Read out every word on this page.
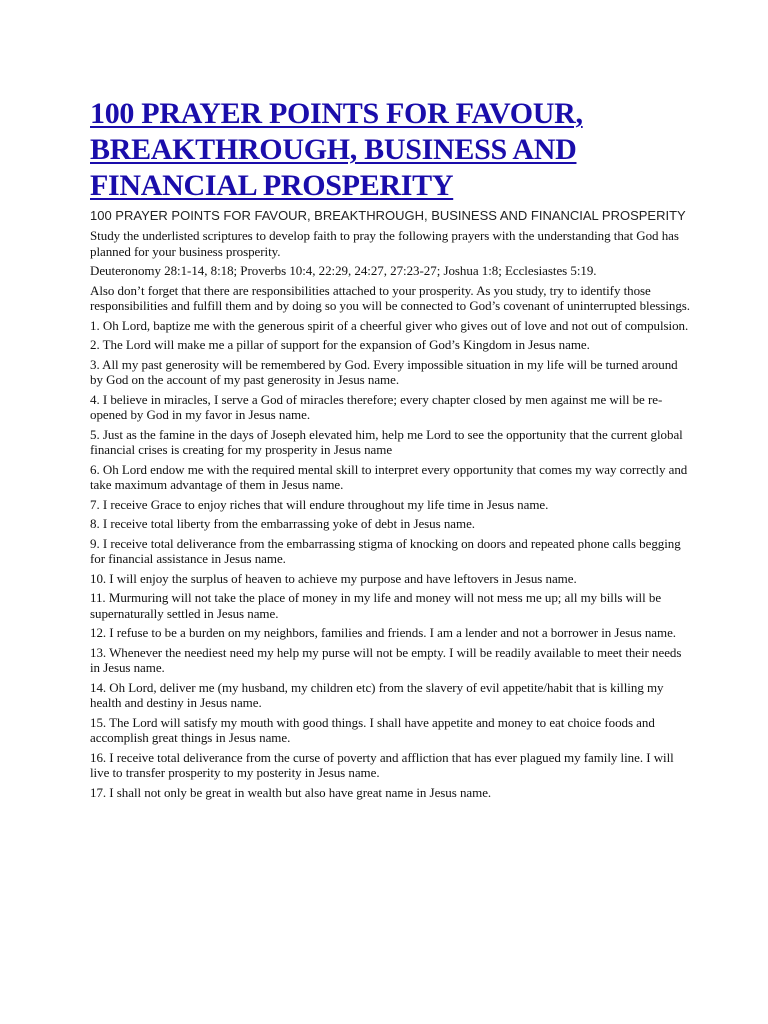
100 PRAYER POINTS FOR FAVOUR, BREAKTHROUGH, BUSINESS AND FINANCIAL PROSPERITY

100 PRAYER POINTS FOR FAVOUR, BREAKTHROUGH, BUSINESS AND FINANCIAL PROSPERITY

Study the underlisted scriptures to develop faith to pray the following prayers with the understanding that God has planned for your business prosperity.

Deuteronomy 28:1-14, 8:18; Proverbs 10:4, 22:29, 24:27, 27:23-27; Joshua 1:8; Ecclesiastes 5:19.

Also don’t forget that there are responsibilities attached to your prosperity. As you study, try to identify those responsibilities and fulfill them and by doing so you will be connected to God’s covenant of uninterrupted blessings.

1. Oh Lord, baptize me with the generous spirit of a cheerful giver who gives out of love and not out of compulsion.
2. The Lord will make me a pillar of support for the expansion of God’s Kingdom in Jesus name.
3. All my past generosity will be remembered by God. Every impossible situation in my life will be turned around by God on the account of my past generosity in Jesus name.
4. I believe in miracles, I serve a God of miracles therefore; every chapter closed by men against me will be re-opened by God in my favor in Jesus name.
5. Just as the famine in the days of Joseph elevated him, help me Lord to see the opportunity that the current global financial crises is creating for my prosperity in Jesus name
6. Oh Lord endow me with the required mental skill to interpret every opportunity that comes my way correctly and take maximum advantage of them in Jesus name.
7. I receive Grace to enjoy riches that will endure throughout my life time in Jesus name.
8. I receive total liberty from the embarrassing yoke of debt in Jesus name.
9. I receive total deliverance from the embarrassing stigma of knocking on doors and repeated phone calls begging for financial assistance in Jesus name.
10. I will enjoy the surplus of heaven to achieve my purpose and have leftovers in Jesus name.
11. Murmuring will not take the place of money in my life and money will not mess me up; all my bills will be supernaturally settled in Jesus name.
12. I refuse to be a burden on my neighbors, families and friends. I am a lender and not a borrower in Jesus name.
13. Whenever the neediest need my help my purse will not be empty. I will be readily available to meet their needs in Jesus name.
14. Oh Lord, deliver me (my husband, my children etc) from the slavery of evil appetite/habit that is killing my health and destiny in Jesus name.
15. The Lord will satisfy my mouth with good things. I shall have appetite and money to eat choice foods and accomplish great things in Jesus name.
16. I receive total deliverance from the curse of poverty and affliction that has ever plagued my family line. I will live to transfer prosperity to my posterity in Jesus name.
17. I shall not only be great in wealth but also have great name in Jesus name.
